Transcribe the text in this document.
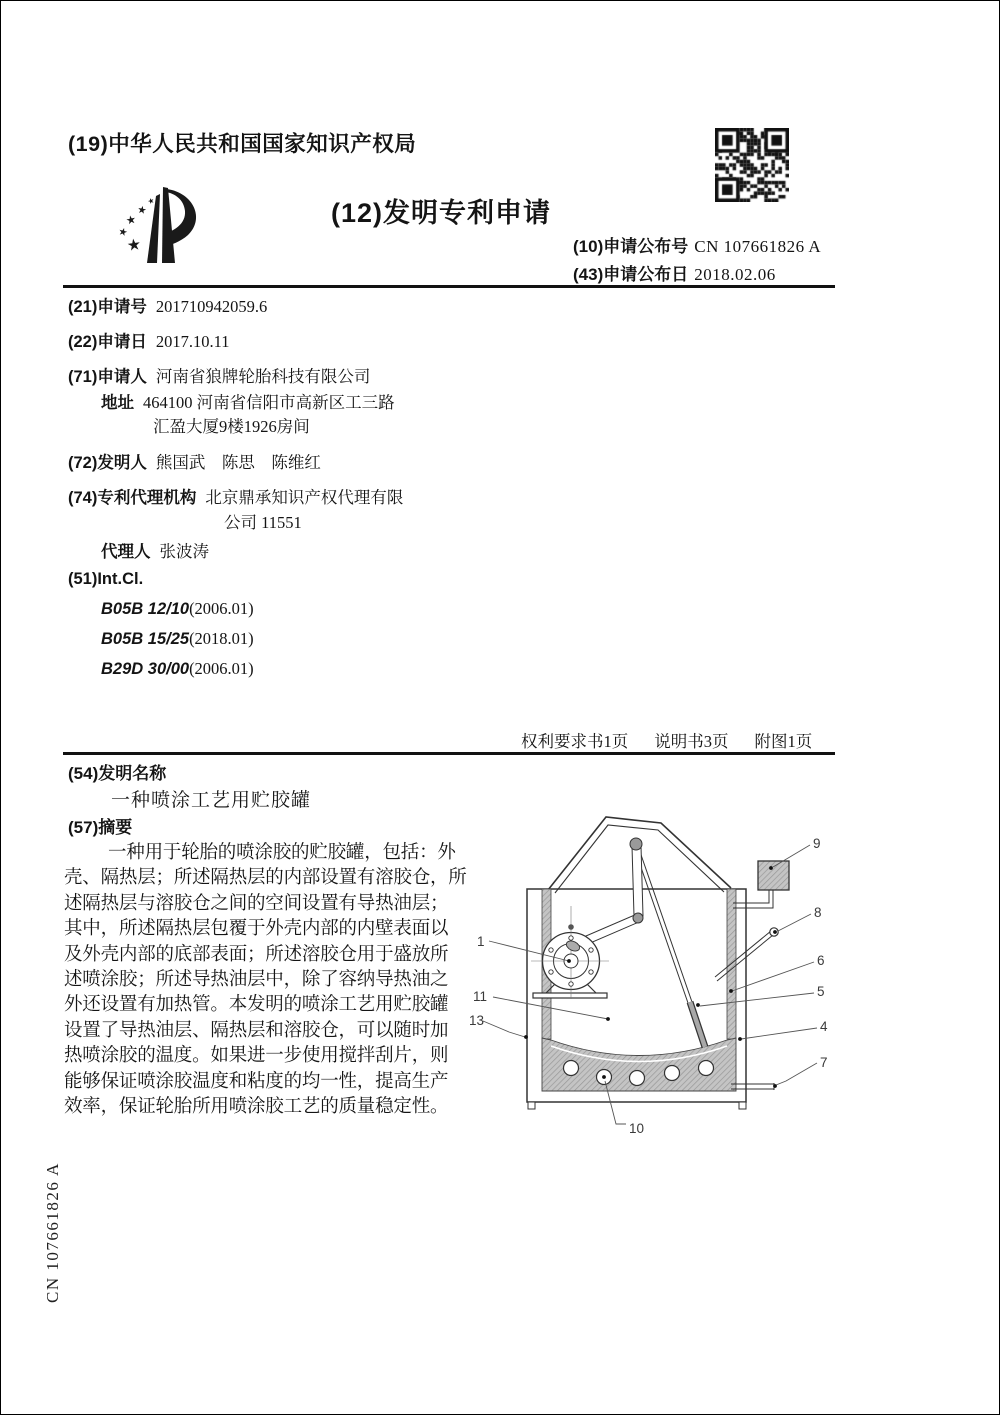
(19)中华人民共和国国家知识产权局
(12)发明专利申请
(10)申请公布号 CN 107661826 A
(43)申请公布日 2018.02.06
(21)申请号 201710942059.6
(22)申请日 2017.10.11
(71)申请人 河南省狼牌轮胎科技有限公司
地址 464100 河南省信阳市高新区工三路
汇盈大厦9楼1926房间
(72)发明人 熊国武　陈思　陈维红
(74)专利代理机构 北京鼎承知识产权代理有限
公司 11551
代理人 张波涛
(51)Int.Cl.
B05B 12/10(2006.01)
B05B 15/25(2018.01)
B29D 30/00(2006.01)
权利要求书1页 说明书3页 附图1页
(54)发明名称
一种喷涂工艺用贮胶罐
(57)摘要
一种用于轮胎的喷涂胶的贮胶罐，包括：外
壳、隔热层；所述隔热层的内部设置有溶胶仓，所
述隔热层与溶胶仓之间的空间设置有导热油层；
其中，所述隔热层包覆于外壳内部的内壁表面以
及外壳内部的底部表面；所述溶胶仓用于盛放所
述喷涂胶；所述导热油层中，除了容纳导热油之
外还设置有加热管。本发明的喷涂工艺用贮胶罐
设置了导热油层、隔热层和溶胶仓，可以随时加
热喷涂胶的温度。如果进一步使用搅拌刮片，则
能够保证喷涂胶温度和粘度的均一性，提高生产
效率，保证轮胎所用喷涂胶工艺的质量稳定性。
1
11
13
10
9
8
6
5
4
7
CN 107661826 A
